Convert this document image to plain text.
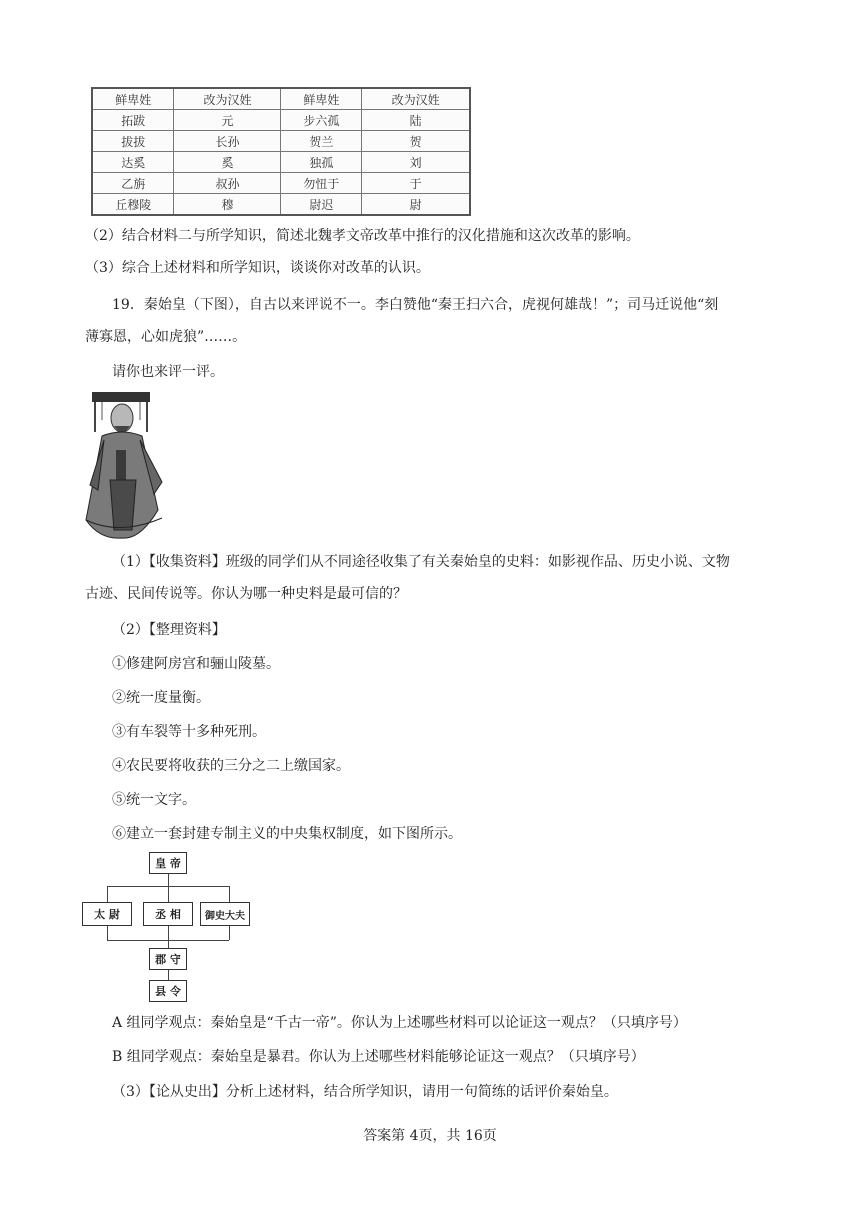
鲜卑姓	改为汉姓	鲜卑姓	改为汉姓
拓跋	元	步六孤	陆
拔拔	长孙	贺兰	贺
达奚	奚	独孤	刘
乙旃	叔孙	勿忸于	于
丘穆陵	穆	尉迟	尉
（2）结合材料二与所学知识，简述北魏孝文帝改革中推行的汉化措施和这次改革的影响。
（3）综合上述材料和所学知识，谈谈你对改革的认识。
19．秦始皇（下图），自古以来评说不一。李白赞他“秦王扫六合，虎视何雄哉！”；司马迁说他“刻
薄寡恩，心如虎狼”……。
请你也来评一评。
（1）【收集资料】班级的同学们从不同途径收集了有关秦始皇的史料：如影视作品、历史小说、文物
古迹、民间传说等。你认为哪一种史料是最可信的？
（2）【整理资料】
①修建阿房宫和骊山陵墓。
②统一度量衡。
③有车裂等十多种死刑。
④农民要将收获的三分之二上缴国家。
⑤统一文字。
⑥建立一套封建专制主义的中央集权制度，如下图所示。
皇 帝
太 尉	丞 相	御史大夫
郡 守
县 令
A 组同学观点：秦始皇是“千古一帝”。你认为上述哪些材料可以论证这一观点？（只填序号）
B 组同学观点：秦始皇是暴君。你认为上述哪些材料能够论证这一观点？（只填序号）
（3）【论从史出】分析上述材料，结合所学知识，请用一句简练的话评价秦始皇。
答案第 4页，共 16页
